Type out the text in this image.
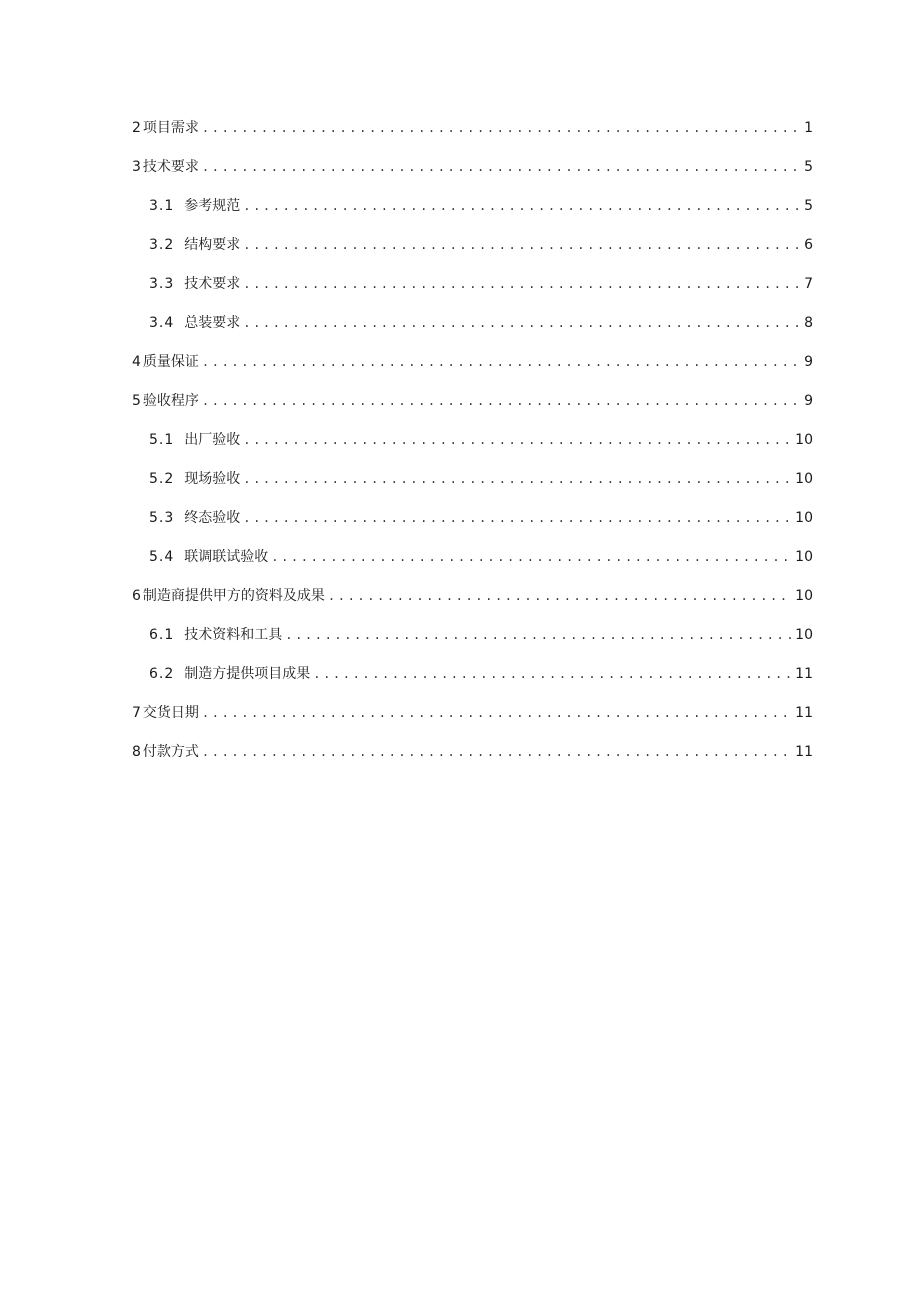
2 项目需求 .....	1
3 技术要求 .....	5
3.1 参考规范 .....	5
3.2 结构要求 .....	6
3.3 技术要求 .....	7
3.4 总装要求 .....	8
4 质量保证 .....	9
5 验收程序 .....	9
5.1 出厂验收 .....	10
5.2 现场验收 .....	10
5.3 终态验收 .....	10
5.4 联调联试验收 .....	10
6 制造商提供甲方的资料及成果 .....	10
6.1 技术资料和工具 .....	10
6.2 制造方提供项目成果 .....	11
7 交货日期 .....	11
8 付款方式 .....	11
